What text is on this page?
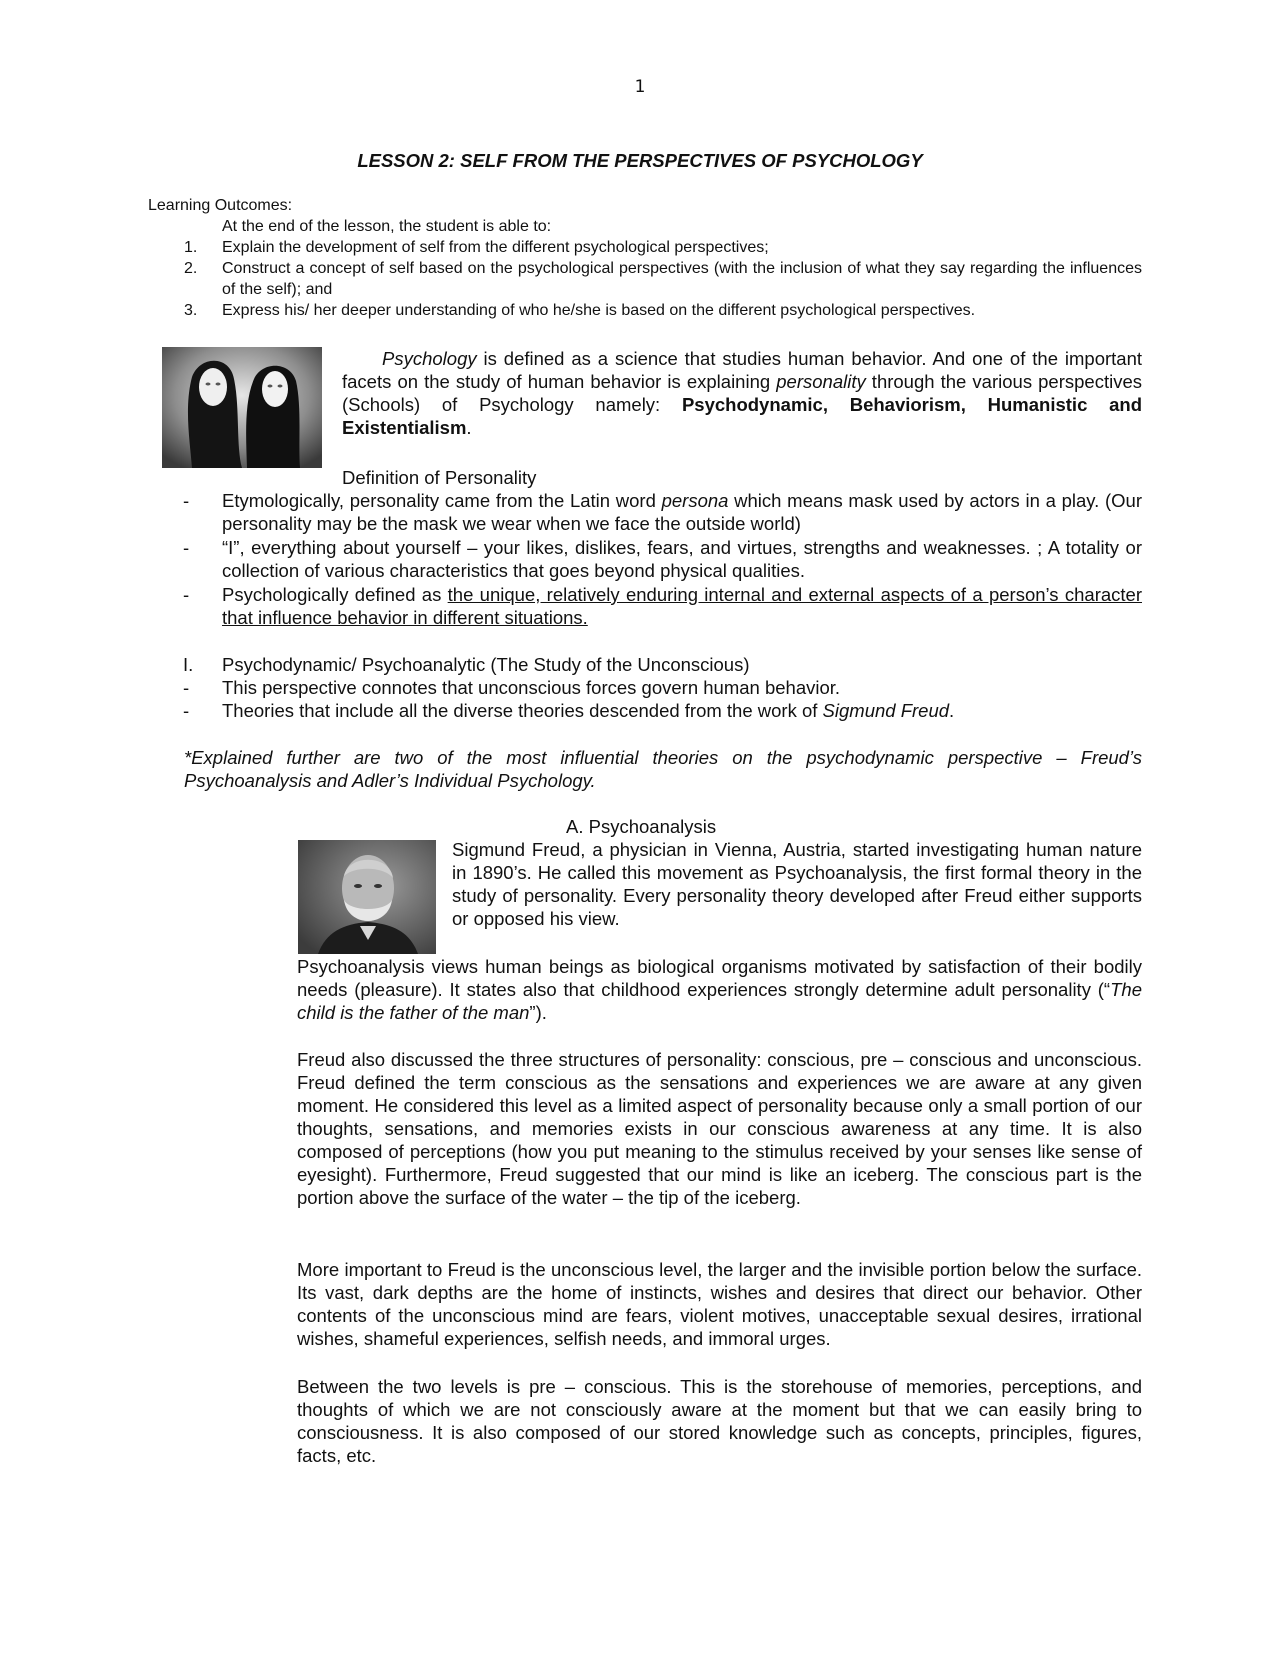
1
LESSON 2: SELF FROM THE PERSPECTIVES OF PSYCHOLOGY
Learning Outcomes:
At the end of the lesson, the student is able to:
1. Explain the development of self from the different psychological perspectives;
2. Construct a concept of self based on the psychological perspectives (with the inclusion of what they say regarding the influences of the self); and
3. Express his/ her deeper understanding of who he/she is based on the different psychological perspectives.

Psychology is defined as a science that studies human behavior. And one of the important facets on the study of human behavior is explaining personality through the various perspectives (Schools) of Psychology namely: Psychodynamic, Behaviorism, Humanistic and Existentialism.

Definition of Personality
- Etymologically, personality came from the Latin word persona which means mask used by actors in a play. (Our personality may be the mask we wear when we face the outside world)

- “I”, everything about yourself – your likes, dislikes, fears, and virtues, strengths and weaknesses. ; A totality or collection of various characteristics that goes beyond physical qualities.

- Psychologically defined as the unique, relatively enduring internal and external aspects of a person’s character that influence behavior in different situations.

I. Psychodynamic/ Psychoanalytic (The Study of the Unconscious)
- This perspective connotes that unconscious forces govern human behavior.

- Theories that include all the diverse theories descended from the work of Sigmund Freud.

*Explained further are two of the most influential theories on the psychodynamic perspective – Freud’s Psychoanalysis and Adler’s Individual Psychology.

A. Psychoanalysis

Sigmund Freud, a physician in Vienna, Austria, started investigating human nature in 1890’s. He called this movement as Psychoanalysis, the first formal theory in the study of personality. Every personality theory developed after Freud either supports or opposed his view.

Psychoanalysis views human beings as biological organisms motivated by satisfaction of their bodily needs (pleasure). It states also that childhood experiences strongly determine adult personality (“The child is the father of the man”).

Freud also discussed the three structures of personality: conscious, pre – conscious and unconscious. Freud defined the term conscious as the sensations and experiences we are aware at any given moment. He considered this level as a limited aspect of personality because only a small portion of our thoughts, sensations, and memories exists in our conscious awareness at any time. It is also composed of perceptions (how you put meaning to the stimulus received by your senses like sense of eyesight). Furthermore, Freud suggested that our mind is like an iceberg. The conscious part is the portion above the surface of the water – the tip of the iceberg.

More important to Freud is the unconscious level, the larger and the invisible portion below the surface. Its vast, dark depths are the home of instincts, wishes and desires that direct our behavior. Other contents of the unconscious mind are fears, violent motives, unacceptable sexual desires, irrational wishes, shameful experiences, selfish needs, and immoral urges.

Between the two levels is pre – conscious. This is the storehouse of memories, perceptions, and thoughts of which we are not consciously aware at the moment but that we can easily bring to consciousness. It is also composed of our stored knowledge such as concepts, principles, figures, facts, etc.
